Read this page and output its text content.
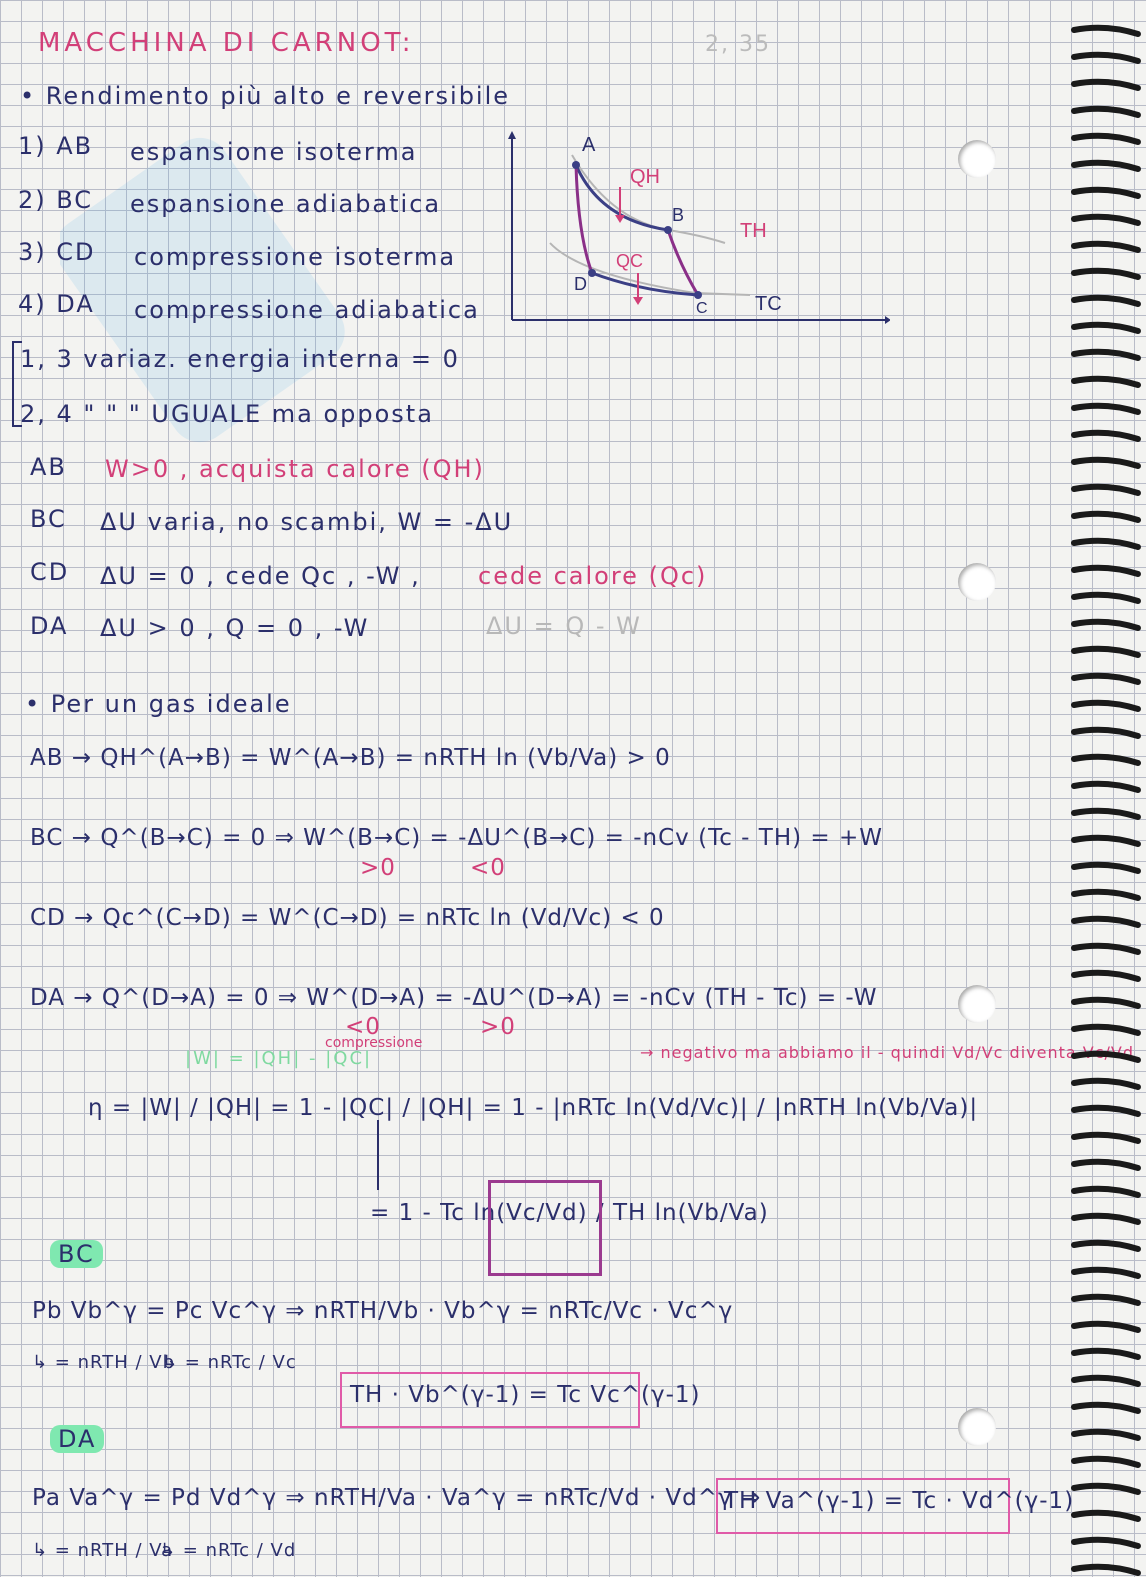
2, 35
MACCHINA DI CARNOT:
• Rendimento più alto e reversibile
1) AB espansione isoterma
2) BC espansione adiabatica
3) CD compressione isoterma
4) DA compressione adiabatica
A
B
C
D
QH
QC
TH
TC
1, 3 variaz. energia interna = 0
2, 4 " " " UGUALE ma opposta
AB W>0 , acquista calore (QH)
BC ΔU varia, no scambi, W = -ΔU
CD ΔU = 0 , cede Qc , -W , cede calore (Qc)
DA ΔU > 0 , Q = 0 , -W	ΔU = Q - W
• Per un gas ideale
AB → QH^(A→B) = W^(A→B) = nRTH ln (Vb/Va) > 0
BC → Q^(B→C) = 0 ⇒ W^(B→C) = -ΔU^(B→C) = -nCv (Tc - TH) = +W
>0	<0
CD → Qc^(C→D) = W^(C→D) = nRTc ln (Vd/Vc) < 0
DA → Q^(D→A) = 0 ⇒ W^(D→A) = -ΔU^(D→A) = -nCv (TH - Tc) = -W
<0	>0
compressione
|W| = |QH| - |QC|	→ negativo ma abbiamo il - quindi Vd/Vc diventa Vc/Vd
η = |W| / |QH| = 1 - |QC| / |QH| = 1 - |nRTc ln(Vd/Vc)| / |nRTH ln(Vb/Va)|
= 1 - Tc ln(Vc/Vd) / TH ln(Vb/Va)
BC
Pb Vb^γ = Pc Vc^γ ⇒ nRTH/Vb · Vb^γ = nRTc/Vc · Vc^γ
↳ = nRTH / Vb
↳ = nRTc / Vc
TH · Vb^(γ-1) = Tc Vc^(γ-1)
DA
Pa Va^γ = Pd Vd^γ ⇒ nRTH/Va · Va^γ = nRTc/Vd · Vd^γ ⇒
↳ = nRTH / Va
↳ = nRTc / Vd
TH Va^(γ-1) = Tc · Vd^(γ-1)
